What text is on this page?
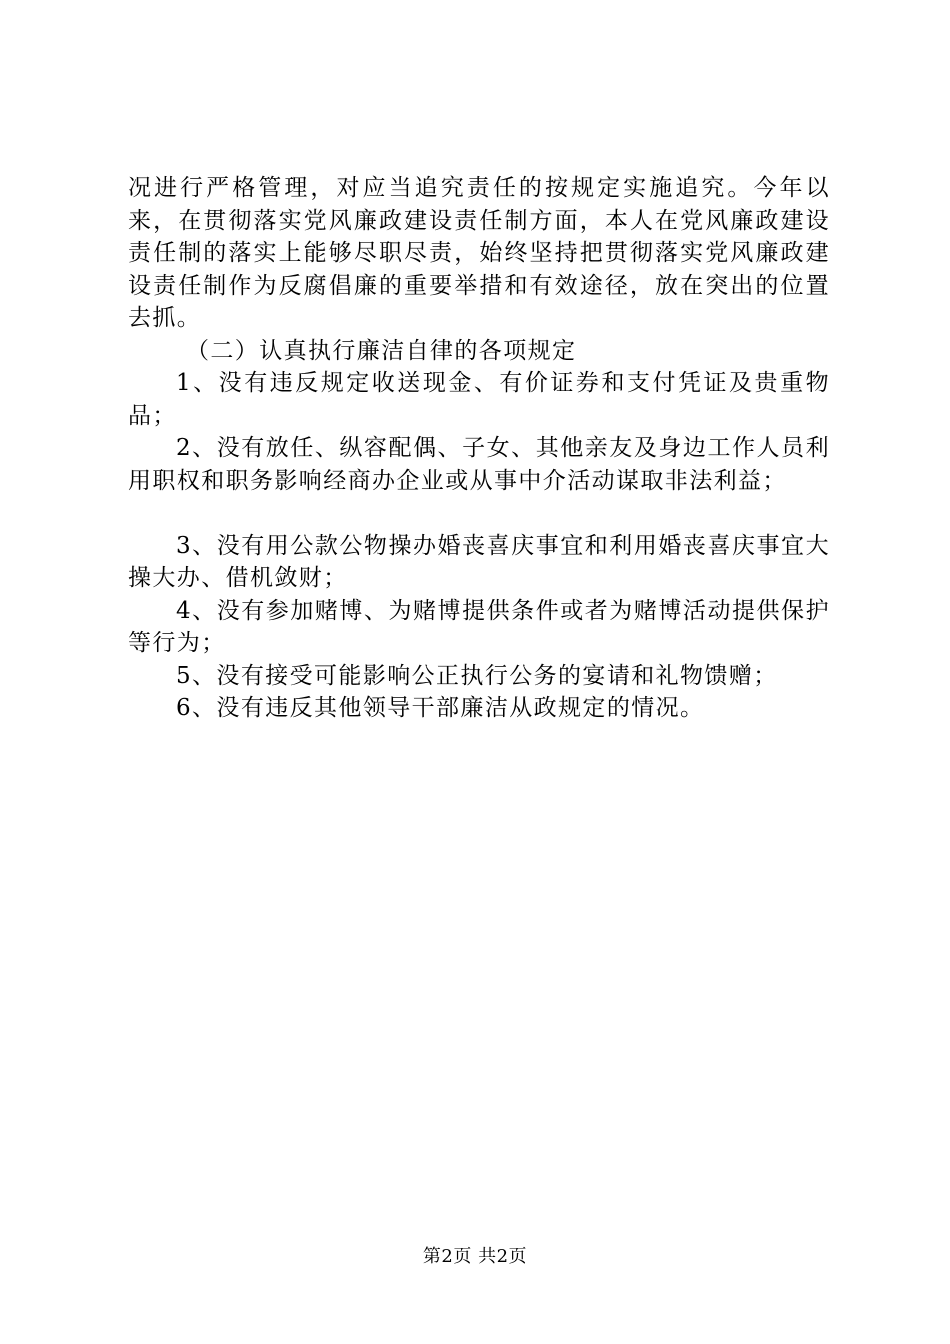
况进行严格管理，对应当追究责任的按规定实施追究。今年以来，在贯彻落实党风廉政建设责任制方面，本人在党风廉政建设责任制的落实上能够尽职尽责，始终坚持把贯彻落实党风廉政建设责任制作为反腐倡廉的重要举措和有效途径，放在突出的位置去抓。

（二）认真执行廉洁自律的各项规定

1、没有违反规定收送现金、有价证券和支付凭证及贵重物品；

2、没有放任、纵容配偶、子女、其他亲友及身边工作人员利用职权和职务影响经商办企业或从事中介活动谋取非法利益；

3、没有用公款公物操办婚丧喜庆事宜和利用婚丧喜庆事宜大操大办、借机敛财；

4、没有参加赌博、为赌博提供条件或者为赌博活动提供保护等行为；

5、没有接受可能影响公正执行公务的宴请和礼物馈赠；

6、没有违反其他领导干部廉洁从政规定的情况。

第2页 共2页
